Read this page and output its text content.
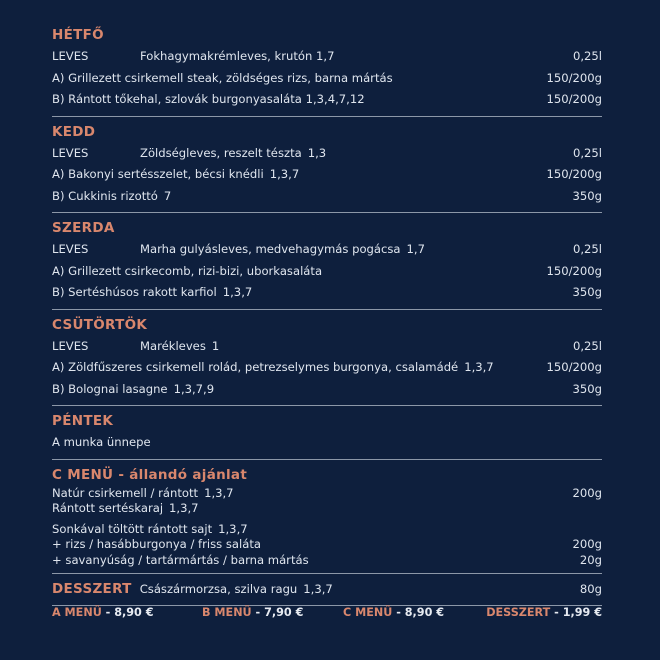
HÉTFŐ
LEVES	Fokhagymakrémleves, krutón 1,7	0,25l
A) Grillezett csirkemell steak, zöldséges rizs, barna mártás	150/200g
B) Rántott tőkehal, szlovák burgonyasaláta 1,3,4,7,12	150/200g
KEDD
LEVES	Zöldségleves, reszelt tészta 1,3	0,25l
A) Bakonyi sertésszelet, bécsi knédli 1,3,7	150/200g
B) Cukkinis rizottó 7	350g
SZERDA
LEVES	Marha gulyásleves, medvehagymás pogácsa 1,7	0,25l
A) Grillezett csirkecomb, rizi-bizi, uborkasaláta	150/200g
B) Sertéshúsos rakott karfiol 1,3,7	350g
CSÜTÖRTÖK
LEVES	Marékleves 1	0,25l
A) Zöldfűszeres csirkemell rolád, petrezselymes burgonya, csalamádé 1,3,7	150/200g
B) Bolognai lasagne 1,3,7,9	350g
PÉNTEK
A munka ünnepe
C MENÜ - állandó ajánlat
Natúr csirkemell / rántott 1,3,7	200g
Rántott sertéskaraj 1,3,7
Sonkával töltött rántott sajt 1,3,7
+ rizs / hasábburgonya / friss saláta	200g
+ savanyúság / tartármártás / barna mártás	20g
DESSZERT Császármorzsa, szilva ragu 1,3,7	80g
A MENÜ - 8,90 €	B MENÜ - 7,90 €	C MENÜ - 8,90 €	DESSZERT - 1,99 €
